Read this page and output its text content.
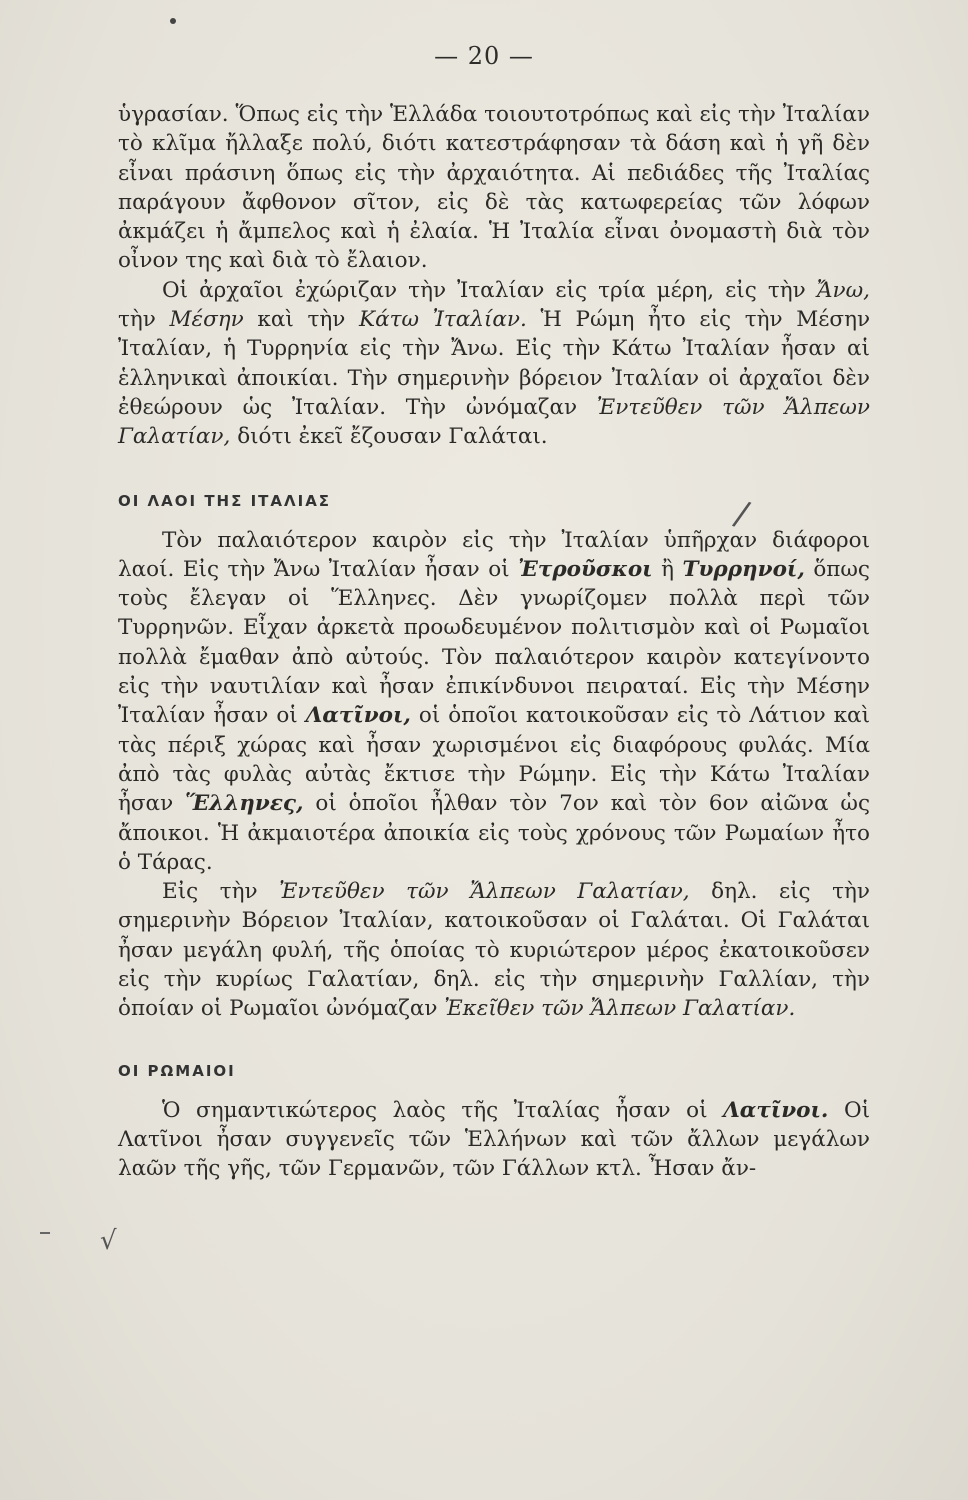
— 20 —
/
√

ὑγρασίαν. Ὅπως εἰς τὴν Ἑλλάδα τοιουτοτρόπως καὶ εἰς τὴν Ἰταλίαν τὸ κλῖμα ἤλλαξε πολύ, διότι κατεστράφησαν τὰ δάση καὶ ἡ γῆ δὲν εἶναι πράσινη ὅπως εἰς τὴν ἀρχαιότητα. Αἱ πεδιάδες τῆς Ἰταλίας παράγουν ἄφθονον σῖτον, εἰς δὲ τὰς κατωφερείας τῶν λόφων ἀκμάζει ἡ ἄμπελος καὶ ἡ ἐλαία. Ἡ Ἰταλία εἶναι ὀνομαστὴ διὰ τὸν οἶνον της καὶ διὰ τὸ ἔλαιον.

Οἱ ἀρχαῖοι ἐχώριζαν τὴν Ἰταλίαν εἰς τρία μέρη, εἰς τὴν Ἄνω, τὴν Μέσην καὶ τὴν Κάτω Ἰταλίαν. Ἡ Ρώμη ἦτο εἰς τὴν Μέσην Ἰταλίαν, ἡ Τυρρηνία εἰς τὴν Ἄνω. Εἰς τὴν Κάτω Ἰταλίαν ἦσαν αἱ ἑλληνικαὶ ἀποικίαι. Τὴν σημερινὴν βόρειον Ἰταλίαν οἱ ἀρχαῖοι δὲν ἐθεώρουν ὡς Ἰταλίαν. Τὴν ὠνόμαζαν Ἐντεῦθεν τῶν Ἄλπεων Γαλατίαν, διότι ἐκεῖ ἔζουσαν Γαλάται.

ΟΙ ΛΑΟΙ ΤΗΣ ΙΤΑΛΙΑΣ

Τὸν παλαιότερον καιρὸν εἰς τὴν Ἰταλίαν ὑπῆρχαν διάφοροι λαοί. Εἰς τὴν Ἄνω Ἰταλίαν ἦσαν οἱ Ἐτροῦσκοι ἢ Τυρρηνοί, ὅπως τοὺς ἔλεγαν οἱ Ἕλληνες. Δὲν γνωρίζομεν πολλὰ περὶ τῶν Τυρρηνῶν. Εἶχαν ἀρκετὰ προωδευμένον πολιτισμὸν καὶ οἱ Ρωμαῖοι πολλὰ ἔμαθαν ἀπὸ αὐτούς. Τὸν παλαιότερον καιρὸν κατεγίνοντο εἰς τὴν ναυτιλίαν καὶ ἦσαν ἐπικίνδυνοι πειραταί. Εἰς τὴν Μέσην Ἰταλίαν ἦσαν οἱ Λατῖνοι, οἱ ὁποῖοι κατοικοῦσαν εἰς τὸ Λάτιον καὶ τὰς πέριξ χώρας καὶ ἦσαν χωρισμένοι εἰς διαφόρους φυλάς. Μία ἀπὸ τὰς φυλὰς αὐτὰς ἔκτισε τὴν Ρώμην. Εἰς τὴν Κάτω Ἰταλίαν ἦσαν Ἕλληνες, οἱ ὁποῖοι ἦλθαν τὸν 7ον καὶ τὸν 6ον αἰῶνα ὡς ἄποικοι. Ἡ ἀκμαιοτέρα ἀποικία εἰς τοὺς χρόνους τῶν Ρωμαίων ἦτο ὁ Τάρας.

Εἰς τὴν Ἐντεῦθεν τῶν Ἄλπεων Γαλατίαν, δηλ. εἰς τὴν σημερινὴν Βόρειον Ἰταλίαν, κατοικοῦσαν οἱ Γαλάται. Οἱ Γαλάται ἦσαν μεγάλη φυλή, τῆς ὁποίας τὸ κυριώτερον μέρος ἐκατοικοῦσεν εἰς τὴν κυρίως Γαλατίαν, δηλ. εἰς τὴν σημερινὴν Γαλλίαν, τὴν ὁποίαν οἱ Ρωμαῖοι ὠνόμαζαν Ἐκεῖθεν τῶν Ἄλπεων Γαλατίαν.

ΟΙ ΡΩΜΑΙΟΙ

Ὁ σημαντικώτερος λαὸς τῆς Ἰταλίας ἦσαν οἱ Λατῖνοι. Οἱ Λατῖνοι ἦσαν συγγενεῖς τῶν Ἑλλήνων καὶ τῶν ἄλλων μεγάλων λαῶν τῆς γῆς, τῶν Γερμανῶν, τῶν Γάλλων κτλ. Ἦσαν ἄν-
